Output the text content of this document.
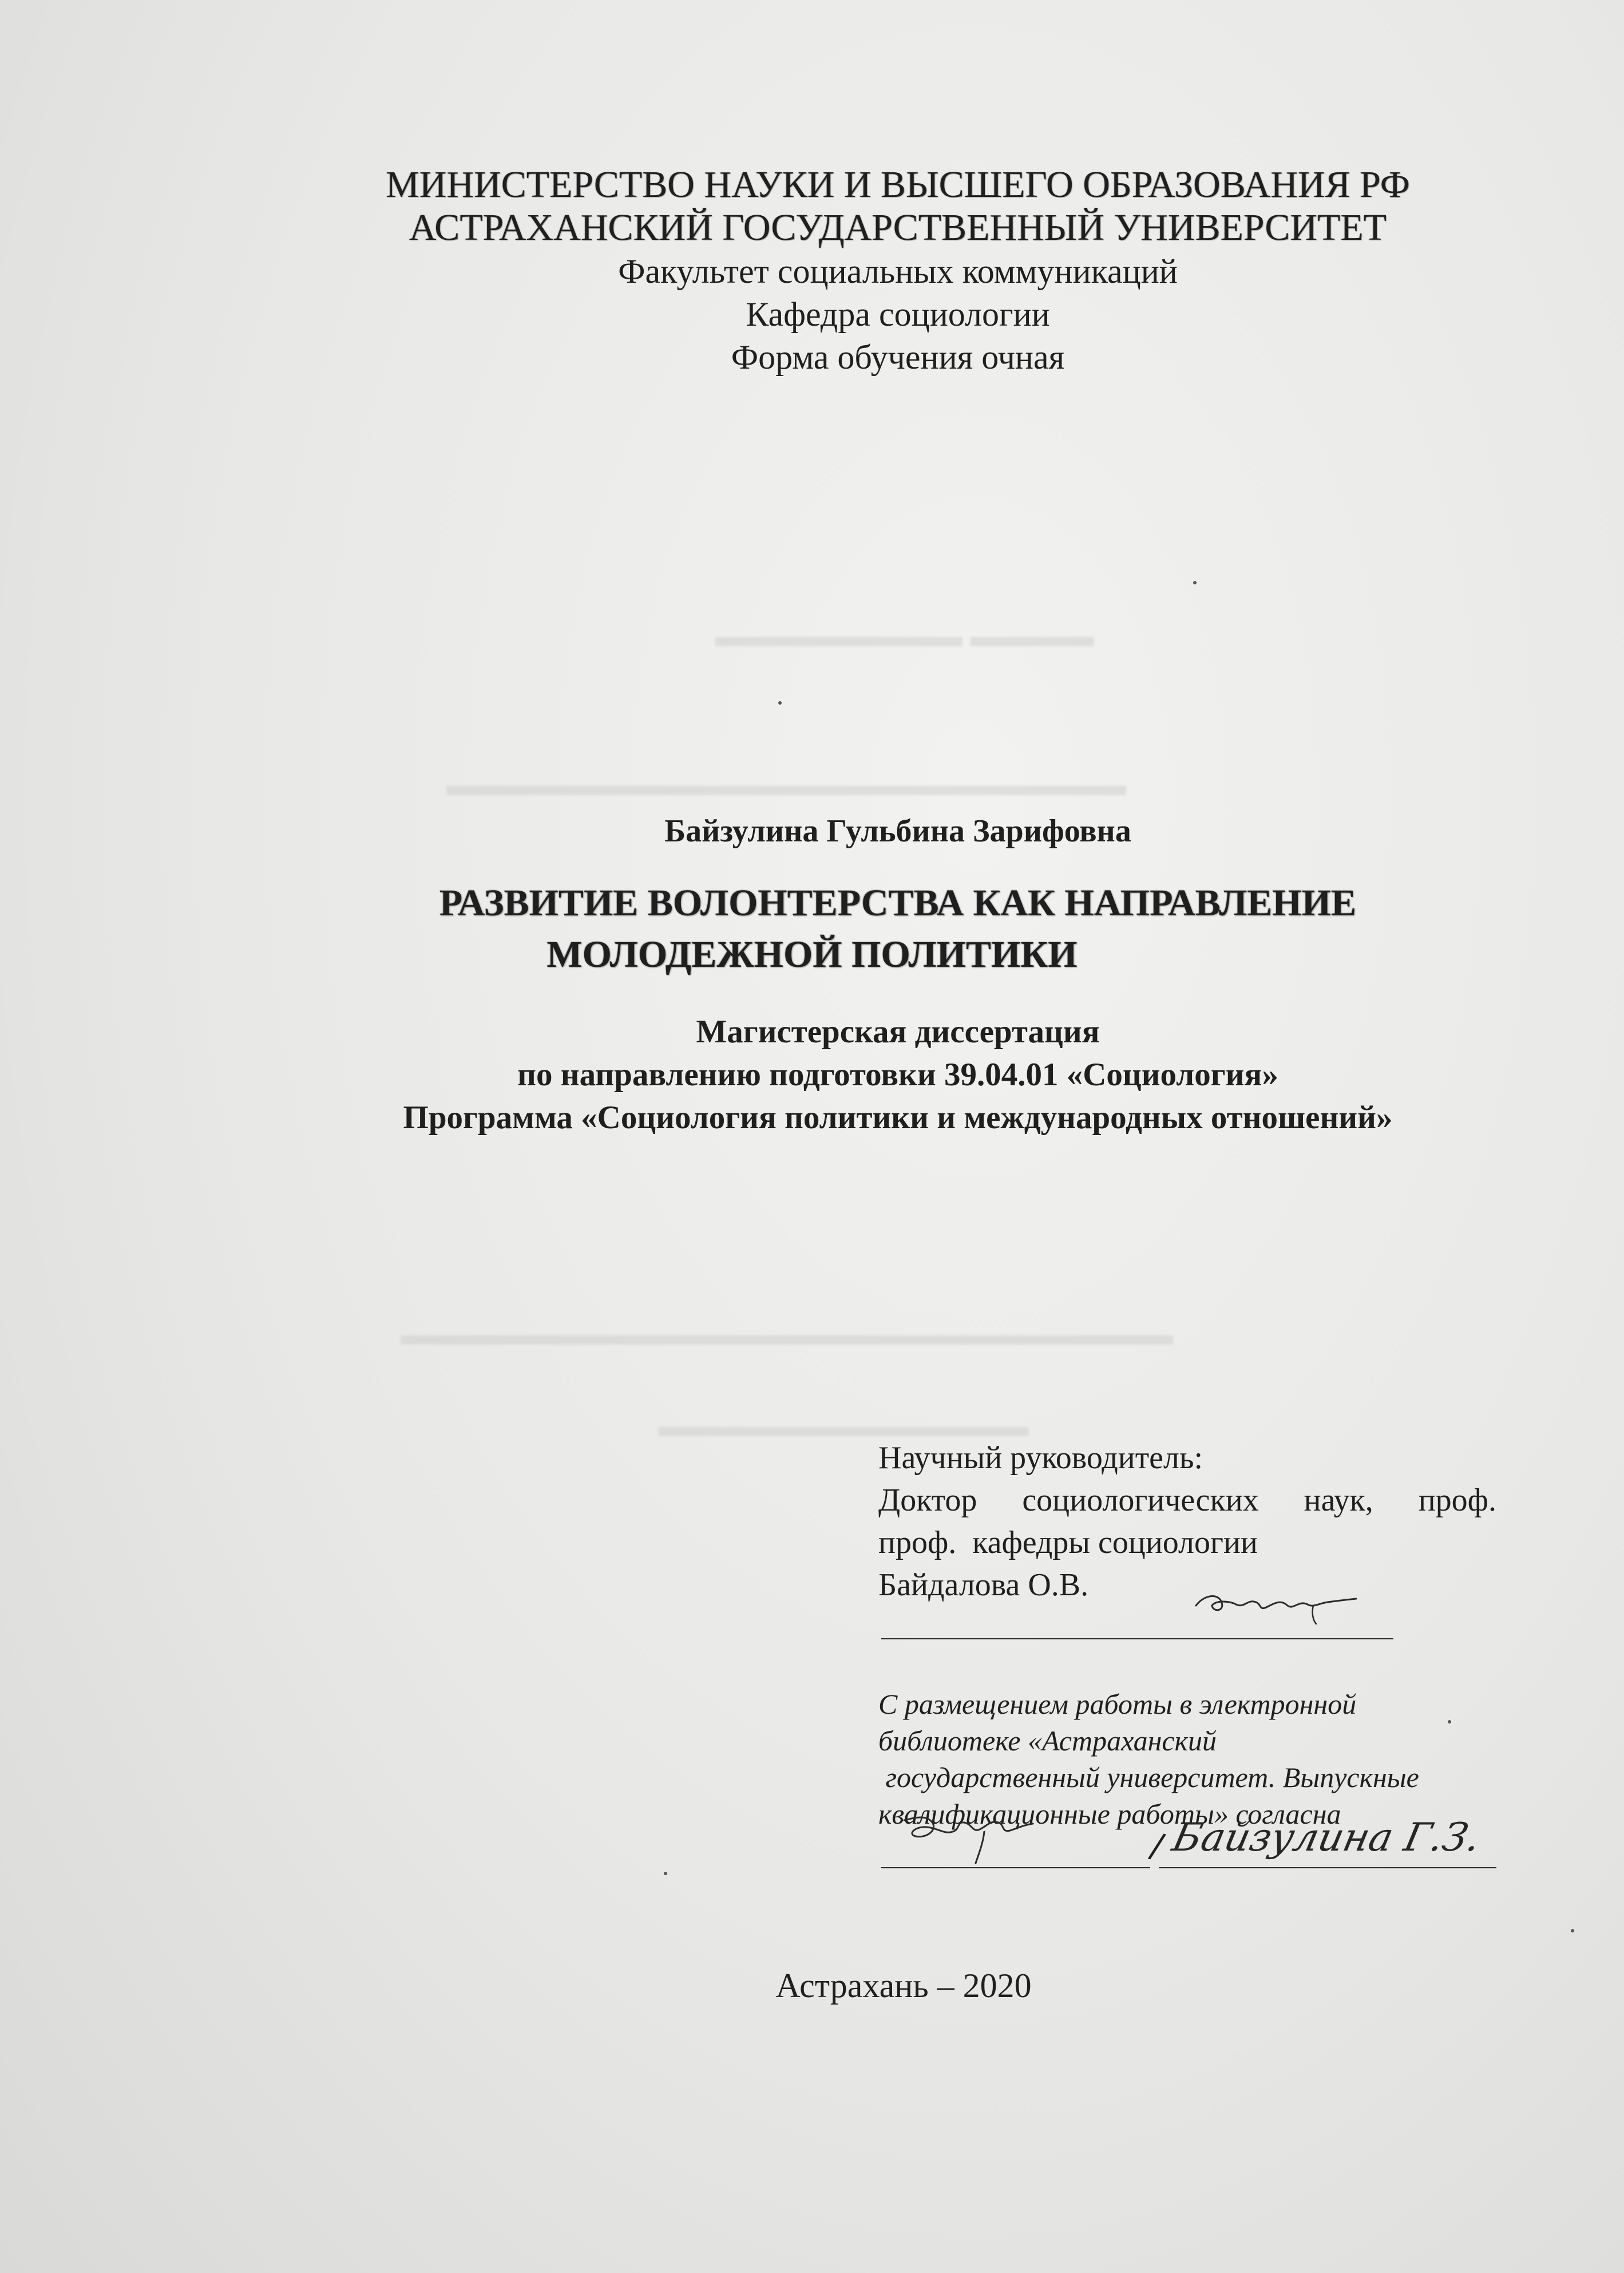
▬▬▬▬ ▬▬▬▬▬▬▬▬
▬▬▬▬▬▬▬▬▬▬▬▬▬▬▬▬▬▬▬▬▬▬
▬▬▬▬▬▬▬▬▬▬▬▬▬▬▬▬▬▬▬▬▬▬▬▬▬
▬▬▬▬▬▬▬▬▬▬▬▬
МИНИСТЕРСТВО НАУКИ И ВЫСШЕГО ОБРАЗОВАНИЯ РФ
АСТРАХАНСКИЙ ГОСУДАРСТВЕННЫЙ УНИВЕРСИТЕТ
Факультет социальных коммуникаций
Кафедра социологии
Форма обучения очная
Байзулина Гульбина Зарифовна
РАЗВИТИЕ ВОЛОНТЕРСТВА КАК НАПРАВЛЕНИЕ
МОЛОДЕЖНОЙ ПОЛИТИКИ
Магистерская диссертация
по направлению подготовки 39.04.01 «Социология»
Программа «Социология политики и международных отношений»
Научный руководитель:
Доктор социологических наук, проф.
проф.  кафедры социологии
Байдалова О.В.
С размещением работы в электронной
библиотеке «Астраханский
государственный университет. Выпускные
квалификационные работы» согласна
/ Байзулина Г.З.
Астрахань – 2020
